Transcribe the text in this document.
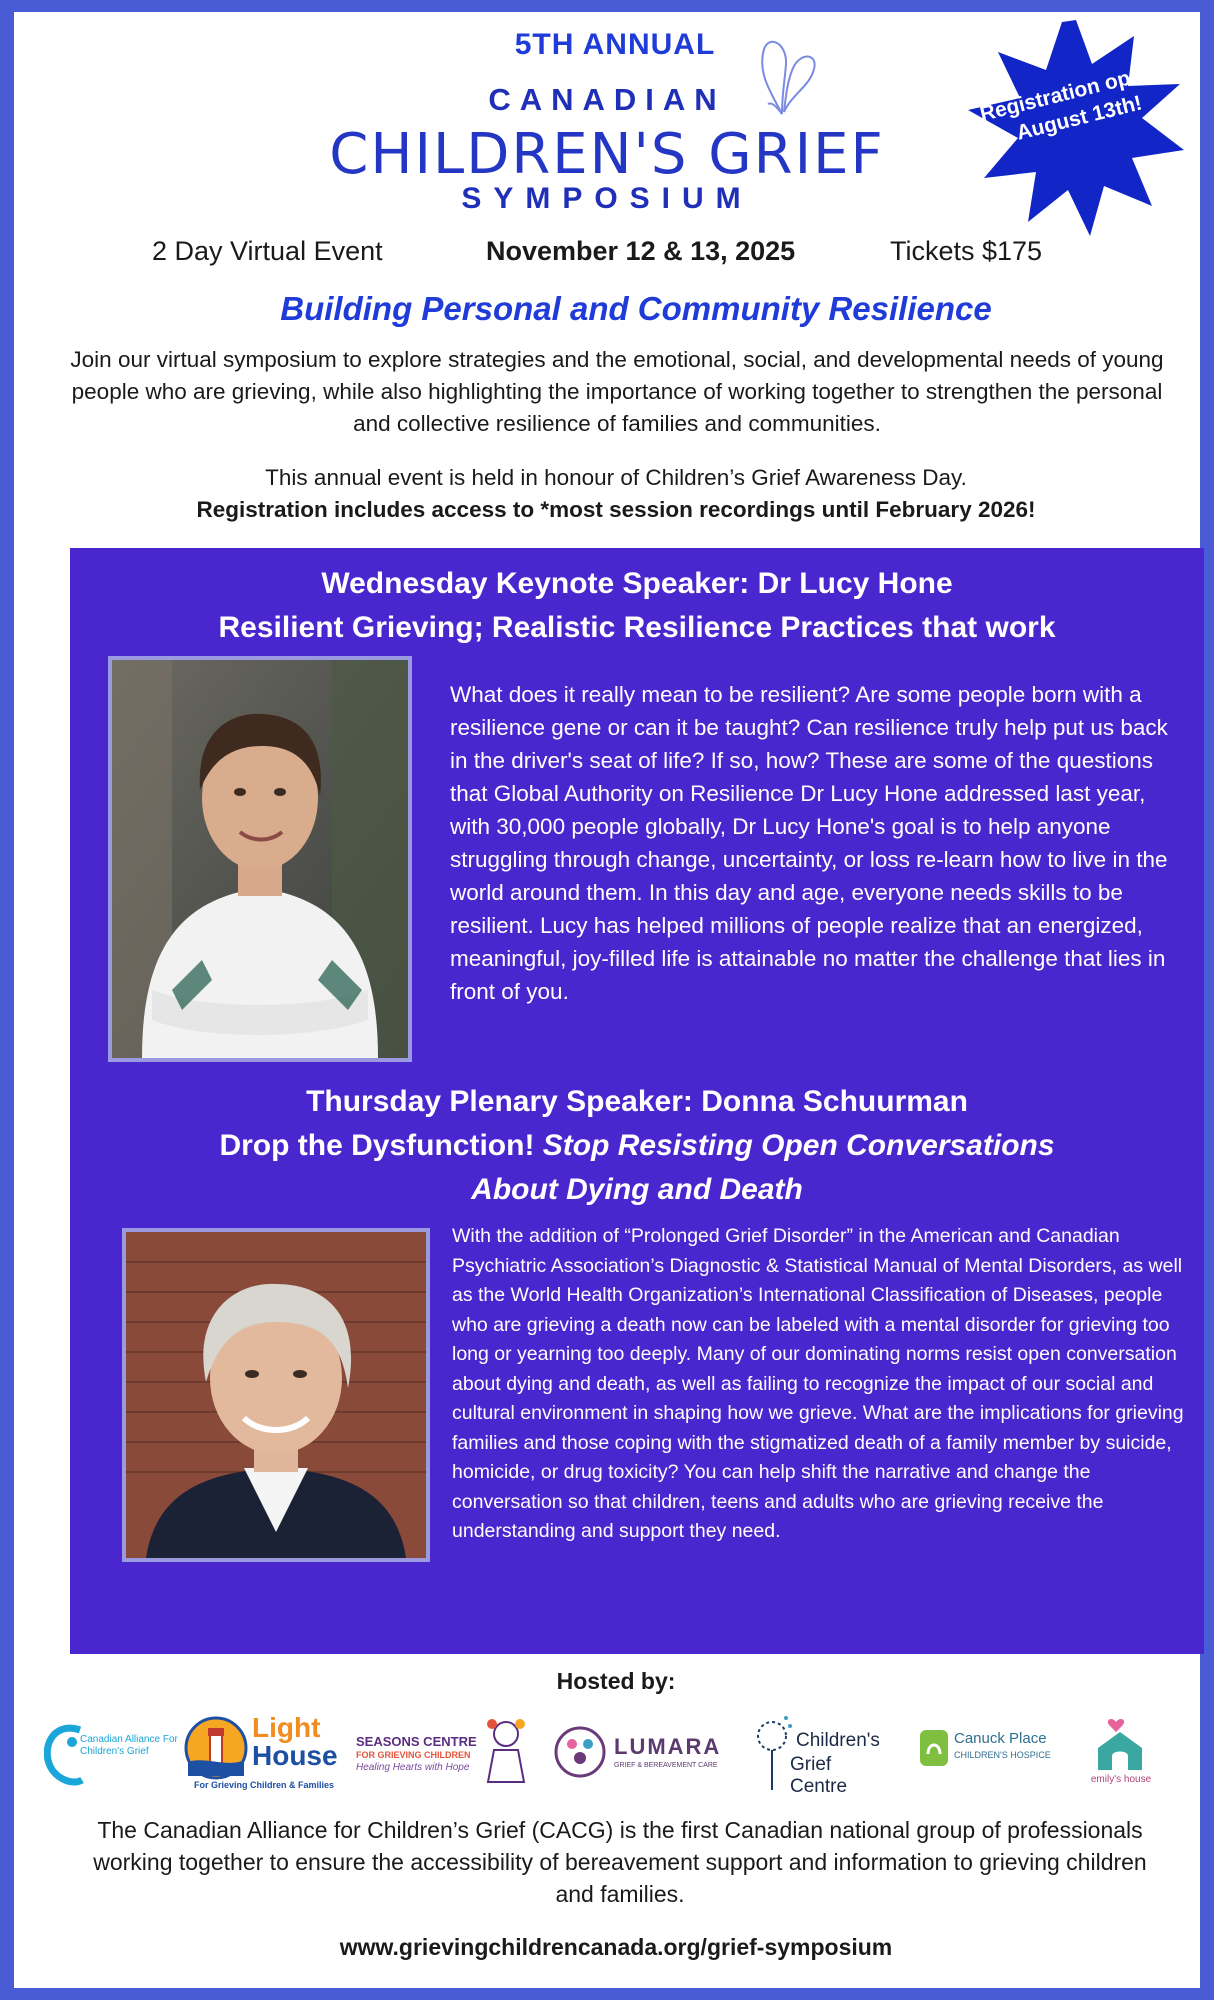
5TH ANNUAL
CANADIAN
CHILDREN'S GRIEF
SYMPOSIUM
Registration opens August 13th!
2 Day Virtual Event	November 12 & 13, 2025	Tickets $175
Building Personal and Community Resilience
Join our virtual symposium to explore strategies and the emotional, social, and developmental needs of young people who are grieving, while also highlighting the importance of working together to strengthen the personal and collective resilience of families and communities.
This annual event is held in honour of Children’s Grief Awareness Day.
Registration includes access to *most session recordings until February 2026!
Wednesday Keynote Speaker: Dr Lucy Hone
Resilient Grieving; Realistic Resilience Practices that work
What does it really mean to be resilient? Are some people born with a resilience gene or can it be taught? Can resilience truly help put us back in the driver's seat of life? If so, how? These are some of the questions that Global Authority on Resilience Dr Lucy Hone addressed last year, with 30,000 people globally, Dr Lucy Hone's goal is to help anyone struggling through change, uncertainty, or loss re-learn how to live in the world around them. In this day and age, everyone needs skills to be resilient. Lucy has helped millions of people realize that an energized, meaningful, joy-filled life is attainable no matter the challenge that lies in front of you.
Thursday Plenary Speaker: Donna Schuurman
Drop the Dysfunction! Stop Resisting Open Conversations
About Dying and Death
With the addition of “Prolonged Grief Disorder” in the American and Canadian Psychiatric Association’s Diagnostic & Statistical Manual of Mental Disorders, as well as the World Health Organization’s International Classification of Diseases, people who are grieving a death now can be labeled with a mental disorder for grieving too long or yearning too deeply. Many of our dominating norms resist open conversation about dying and death, as well as failing to recognize the impact of our social and cultural environment in shaping how we grieve. What are the implications for grieving families and those coping with the stigmatized death of a family member by suicide, homicide, or drug toxicity? You can help shift the narrative and change the conversation so that children, teens and adults who are grieving receive the understanding and support they need.
Hosted by:
Canadian Alliance For Children's Grief
Light
House
For Grieving Children & Families
SEASONS CENTRE
FOR GRIEVING CHILDREN
Healing Hearts with Hope
LUMARA
GRIEF & BEREAVEMENT CARE
Children's
Grief Centre
Canuck Place
CHILDREN'S HOSPICE
emily's house
The Canadian Alliance for Children’s Grief (CACG) is the first Canadian national group of professionals working together to ensure the accessibility of bereavement support and information to grieving children and families.
www.grievingchildrencanada.org/grief-symposium
